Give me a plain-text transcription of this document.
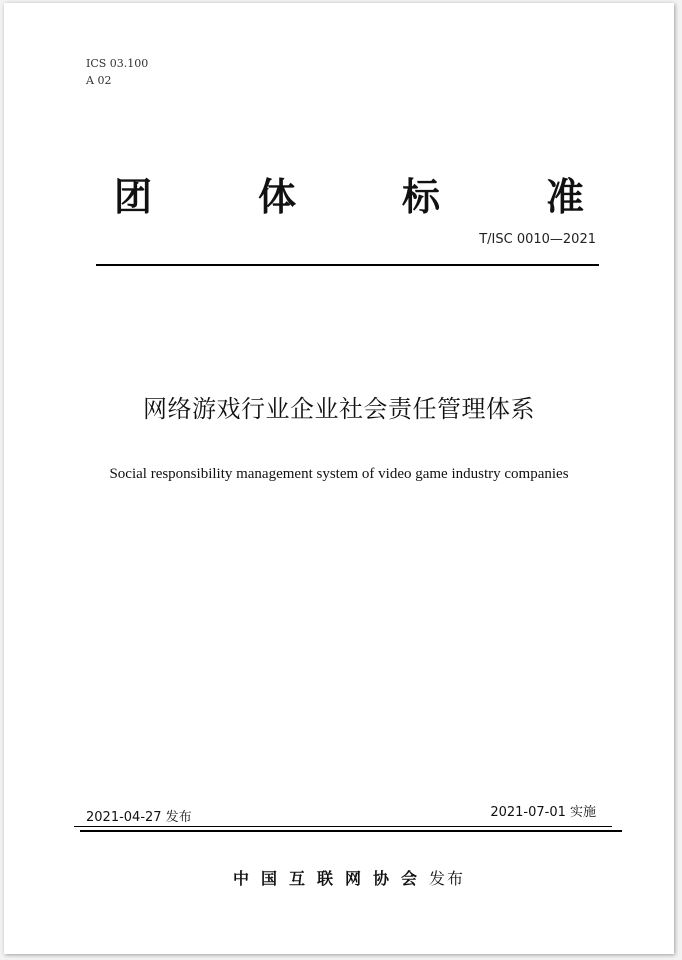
ICS 03.100
A 02
团	体	标	准
T/ISC 0010—2021
网络游戏行业企业社会责任管理体系
Social responsibility management system of video game industry companies
2021-04-27 发布	2021-07-01 实施
中国互联网协会发布
